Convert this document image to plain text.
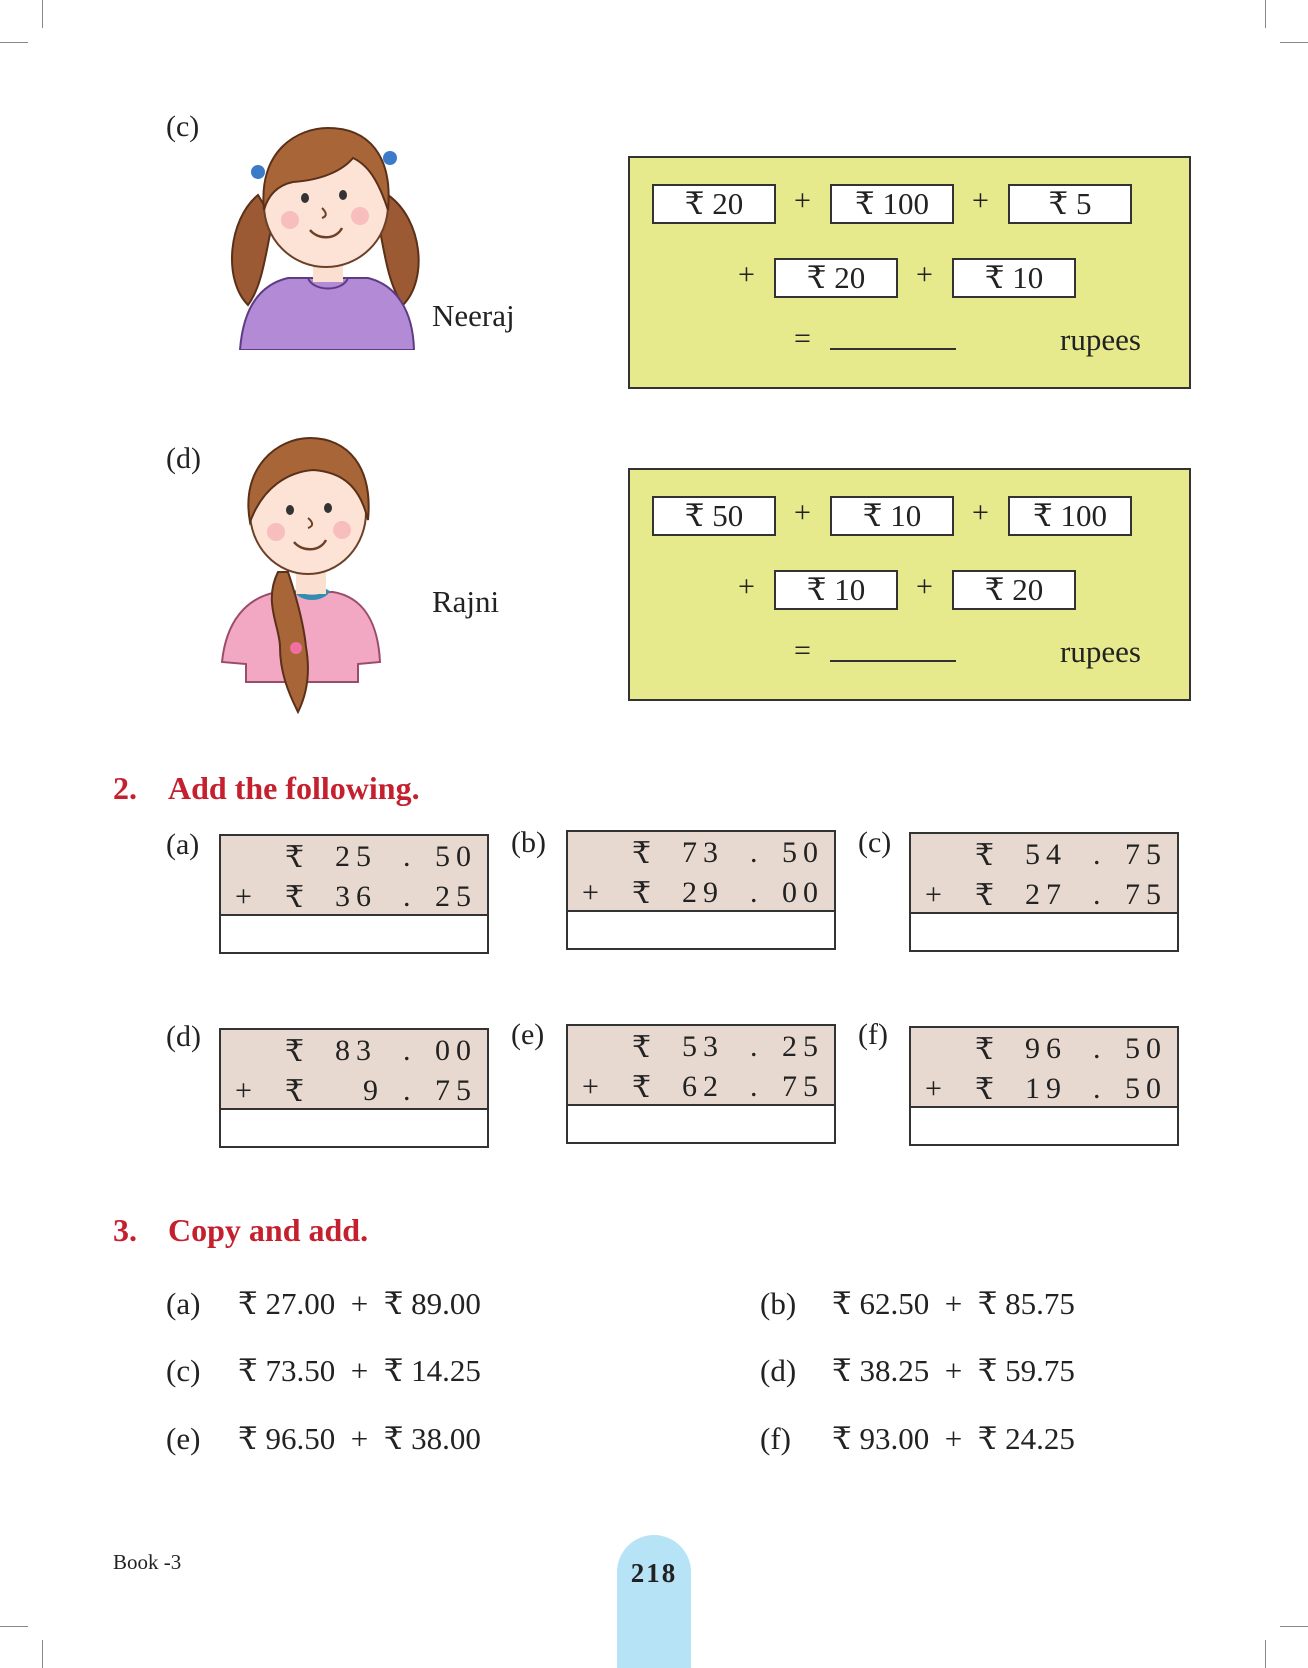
(c)
Neeraj
₹ 20	+	₹ 100	+	₹ 5
+	₹ 20	+	₹ 10
=	rupees
(d)
Rajni
₹ 50	+	₹ 10	+	₹ 100
+	₹ 10	+	₹ 20
=	rupees
2. Add the following.
(a)	₹ 25 . 50
+ ₹ 36 . 25
(b)	₹ 73 . 50
+ ₹ 29 . 00
(c)	₹ 54 . 75
+ ₹ 27 . 75
(d)	₹ 83 . 00
+ ₹ 9 . 75
(e)	₹ 53 . 25
+ ₹ 62 . 75
(f)	₹ 96 . 50
+ ₹ 19 . 50
3. Copy and add.
(a) ₹ 27.00  +  ₹ 89.00	(b) ₹ 62.50  +  ₹ 85.75
(c) ₹ 73.50  +  ₹ 14.25	(d) ₹ 38.25  +  ₹ 59.75
(e) ₹ 96.50  +  ₹ 38.00	(f) ₹ 93.00  +  ₹ 24.25
Book -3	218
